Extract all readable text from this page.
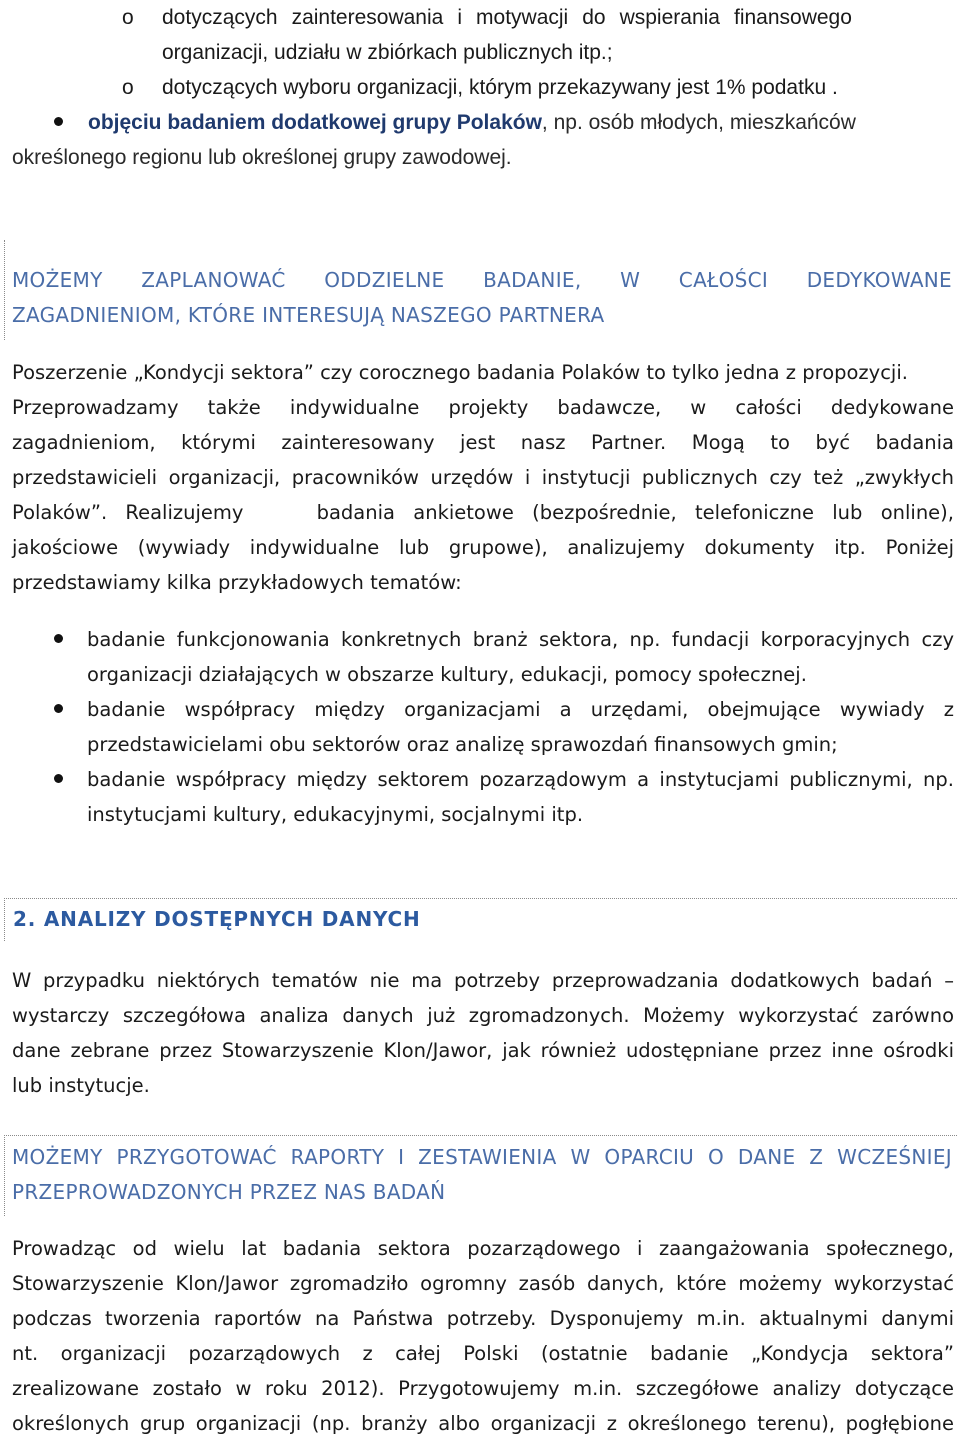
o dotyczących zainteresowania i motywacji do wspierania finansowego
organizacji, udziału w zbiórkach publicznych itp.;
o dotyczących wyboru organizacji, którym przekazywany jest 1% podatku .
objęciu badaniem dodatkowej grupy Polaków, np. osób młodych, mieszkańców
określonego regionu lub określonej grupy zawodowej.
MOŻEMY ZAPLANOWAĆ ODDZIELNE BADANIE, W CAŁOŚCI DEDYKOWANE
ZAGADNIENIOM, KTÓRE INTERESUJĄ NASZEGO PARTNERA
Poszerzenie „Kondycji sektora” czy corocznego badania Polaków to tylko jedna z propozycji.
Przeprowadzamy także indywidualne projekty badawcze, w całości dedykowane
zagadnieniom, którymi zainteresowany jest nasz Partner. Mogą to być badania
przedstawicieli organizacji, pracowników urzędów i instytucji publicznych czy też „zwykłych
Polaków”. Realizujemy    badania ankietowe (bezpośrednie, telefoniczne lub online),
jakościowe (wywiady indywidualne lub grupowe), analizujemy dokumenty itp. Poniżej
przedstawiamy kilka przykładowych tematów:
badanie funkcjonowania konkretnych branż sektora, np. fundacji korporacyjnych czy
organizacji działających w obszarze kultury, edukacji, pomocy społecznej.
badanie współpracy między organizacjami a urzędami, obejmujące wywiady z
przedstawicielami obu sektorów oraz analizę sprawozdań finansowych gmin;
badanie współpracy między sektorem pozarządowym a instytucjami publicznymi, np.
instytucjami kultury, edukacyjnymi, socjalnymi itp.
2. ANALIZY DOSTĘPNYCH DANYCH
W przypadku niektórych tematów nie ma potrzeby przeprowadzania dodatkowych badań –
wystarczy szczegółowa analiza danych już zgromadzonych. Możemy wykorzystać zarówno
dane zebrane przez Stowarzyszenie Klon/Jawor, jak również udostępniane przez inne ośrodki
lub instytucje.
MOŻEMY PRZYGOTOWAĆ RAPORTY I ZESTAWIENIA W OPARCIU O DANE Z WCZEŚNIEJ
PRZEPROWADZONYCH PRZEZ NAS BADAŃ
Prowadząc od wielu lat badania sektora pozarządowego i zaangażowania społecznego,
Stowarzyszenie Klon/Jawor zgromadziło ogromny zasób danych, które możemy wykorzystać
podczas tworzenia raportów na Państwa potrzeby. Dysponujemy m.in. aktualnymi danymi
nt. organizacji pozarządowych z całej Polski (ostatnie badanie „Kondycja sektora”
zrealizowane zostało w roku 2012). Przygotowujemy m.in. szczegółowe analizy dotyczące
określonych grup organizacji (np. branży albo organizacji z określonego terenu), pogłębione
